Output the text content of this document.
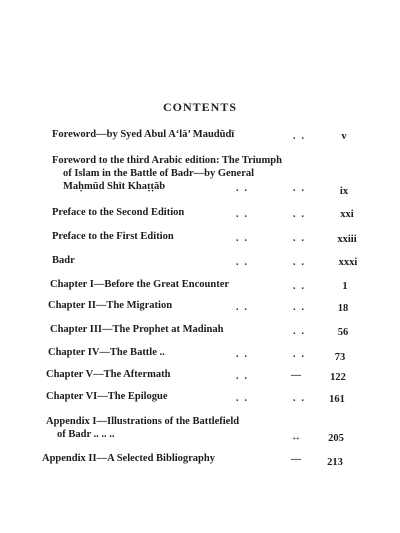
CONTENTS
Foreword—by Syed Abul A‘lā’ Maudūdī	..	v
Foreword to the third Arabic edition: The Triumph
of Islam in the Battle of Badr—by General
Maḥmūd Shīt Khaṭṭāb	..	..	ix
Preface to the Second Edition	..	..	xxi
Preface to the First Edition	..	..	xxiii
Badr	..	..	xxxi
Chapter I—Before the Great Encounter	..	1
Chapter II—The Migration	..	..	18
Chapter III—The Prophet at Madinah	..	56
Chapter IV—The Battle ..	..	..	73
Chapter V—The Aftermath	..	—	122
Chapter VI—The Epilogue	..	..	161
Appendix I—Illustrations of the Battlefield
of Badr .. .. ..	↔	205
Appendix II—A Selected Bibliography	—	213
